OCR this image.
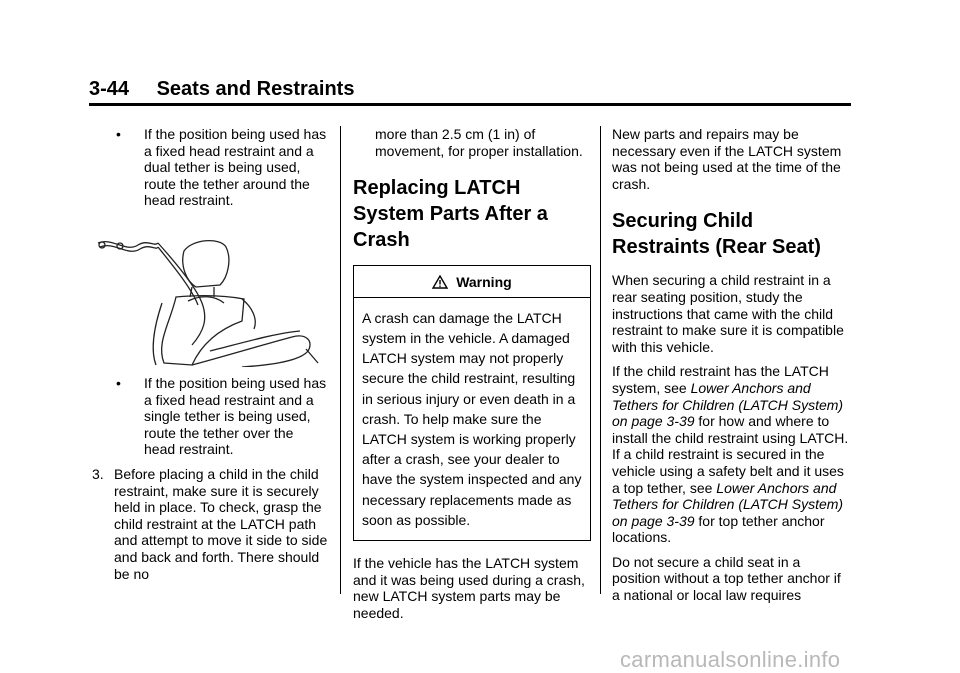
3-44 Seats and Restraints
• If the position being used has a fixed head restraint and a dual tether is being used, route the tether around the head restraint.
• If the position being used has a fixed head restraint and a single tether is being used, route the tether over the head restraint.
3. Before placing a child in the child restraint, make sure it is securely held in place. To check, grasp the child restraint at the LATCH path and attempt to move it side to side and back and forth. There should be no

more than 2.5 cm (1 in) of movement, for proper installation.

Replacing LATCH System Parts After a Crash
Warning
A crash can damage the LATCH system in the vehicle. A damaged LATCH system may not properly secure the child restraint, resulting in serious injury or even death in a crash. To help make sure the LATCH system is working properly after a crash, see your dealer to have the system inspected and any necessary replacements made as soon as possible.

If the vehicle has the LATCH system and it was being used during a crash, new LATCH system parts may be needed.

New parts and repairs may be necessary even if the LATCH system was not being used at the time of the crash.

Securing Child Restraints (Rear Seat)

When securing a child restraint in a rear seating position, study the instructions that came with the child restraint to make sure it is compatible with this vehicle.

If the child restraint has the LATCH system, see Lower Anchors and Tethers for Children (LATCH System) on page 3-39 for how and where to install the child restraint using LATCH. If a child restraint is secured in the vehicle using a safety belt and it uses a top tether, see Lower Anchors and Tethers for Children (LATCH System) on page 3-39 for top tether anchor locations.

Do not secure a child seat in a position without a top tether anchor if a national or local law requires

carmanualsonline.info
